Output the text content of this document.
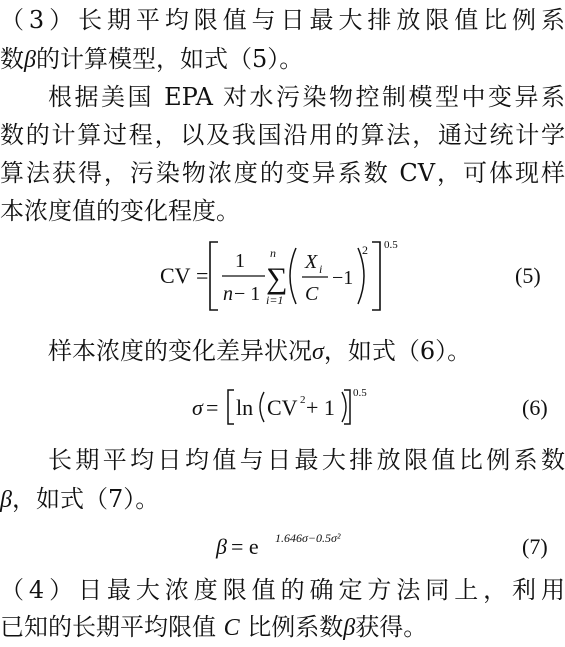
（3）长期平均限值与日最大排放限值比例系
数β的计算模型，如式（5）。
根据美国 EPA 对水污染物控制模型中变异系
数的计算过程，以及我国沿用的算法，通过统计学
算法获得，污染物浓度的变异系数 CV，可体现样
本浓度值的变化程度。
CV =
1
n − 1
n
∑
i=1
X i
C
−1
2 0.5
(5)
样本浓度的变化差异状况σ，如式（6）。
σ = ln CV 2 + 1
0.5
(6)
长期平均日均值与日最大排放限值比例系数
β，如式（7）。
β = e 1.646σ−0.5σ²	(7)
（4）日最大浓度限值的确定方法同上，利用
已知的长期平均限值 C 比例系数β获得。
